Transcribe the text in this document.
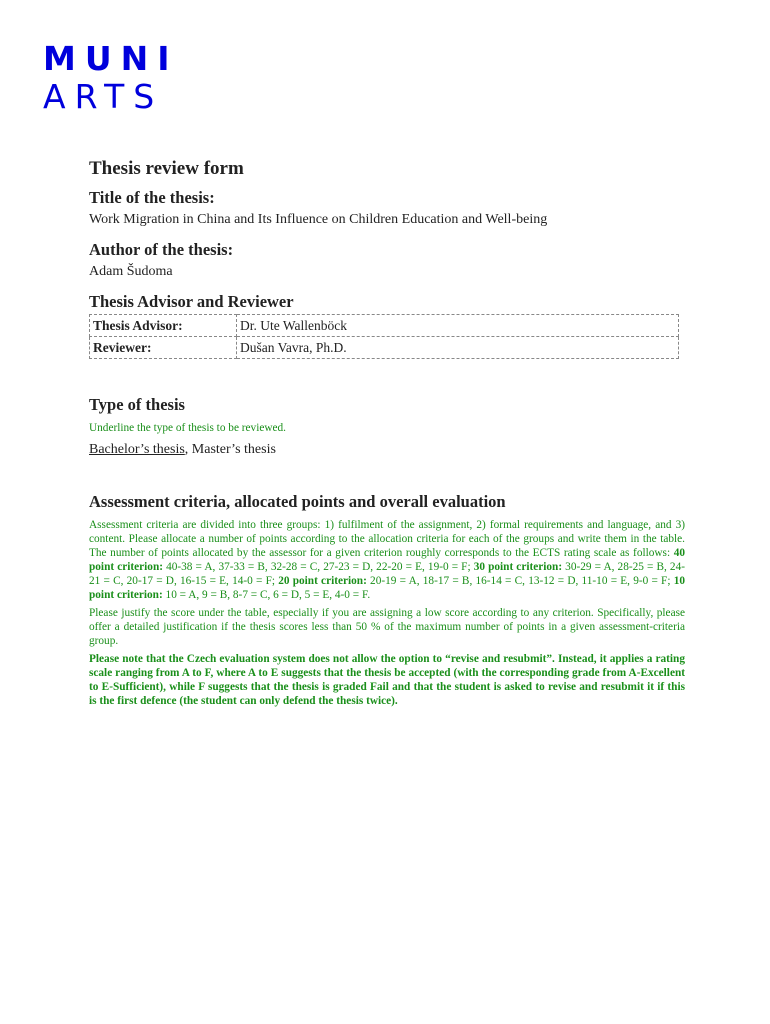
MUNI
ARTS
Thesis review form
Title of the thesis:

Work Migration in China and Its Influence on Children Education and Well-being

Author of the thesis:

Adam Šudoma

Thesis Advisor and Reviewer
Thesis Advisor:	Dr. Ute Wallenböck
Reviewer:	Dušan Vavra, Ph.D.
Type of thesis

Underline the type of thesis to be reviewed.

Bachelor’s thesis, Master’s thesis

Assessment criteria, allocated points and overall evaluation

Assessment criteria are divided into three groups: 1) fulfilment of the assignment, 2) formal requirements and language, and 3) content. Please allocate a number of points according to the allocation criteria for each of the groups and write them in the table. The number of points allocated by the assessor for a given criterion roughly corresponds to the ECTS rating scale as follows: 40 point criterion: 40-38 = A, 37-33 = B, 32-28 = C, 27-23 = D, 22-20 = E, 19-0 = F; 30 point criterion: 30-29 = A, 28-25 = B, 24-21 = C, 20-17 = D, 16-15 = E, 14-0 = F; 20 point criterion: 20-19 = A, 18-17 = B, 16-14 = C, 13-12 = D, 11-10 = E, 9-0 = F; 10 point criterion: 10 = A, 9 = B, 8-7 = C, 6 = D, 5 = E, 4-0 = F.

Please justify the score under the table, especially if you are assigning a low score according to any criterion. Specifically, please offer a detailed justification if the thesis scores less than 50 % of the maximum number of points in a given assessment-criteria group.

Please note that the Czech evaluation system does not allow the option to “revise and resubmit”. Instead, it applies a rating scale ranging from A to F, where A to E suggests that the thesis be accepted (with the corresponding grade from A-Excellent to E-Sufficient), while F suggests that the thesis is graded Fail and that the student is asked to revise and resubmit it if this is the first defence (the student can only defend the thesis twice).
